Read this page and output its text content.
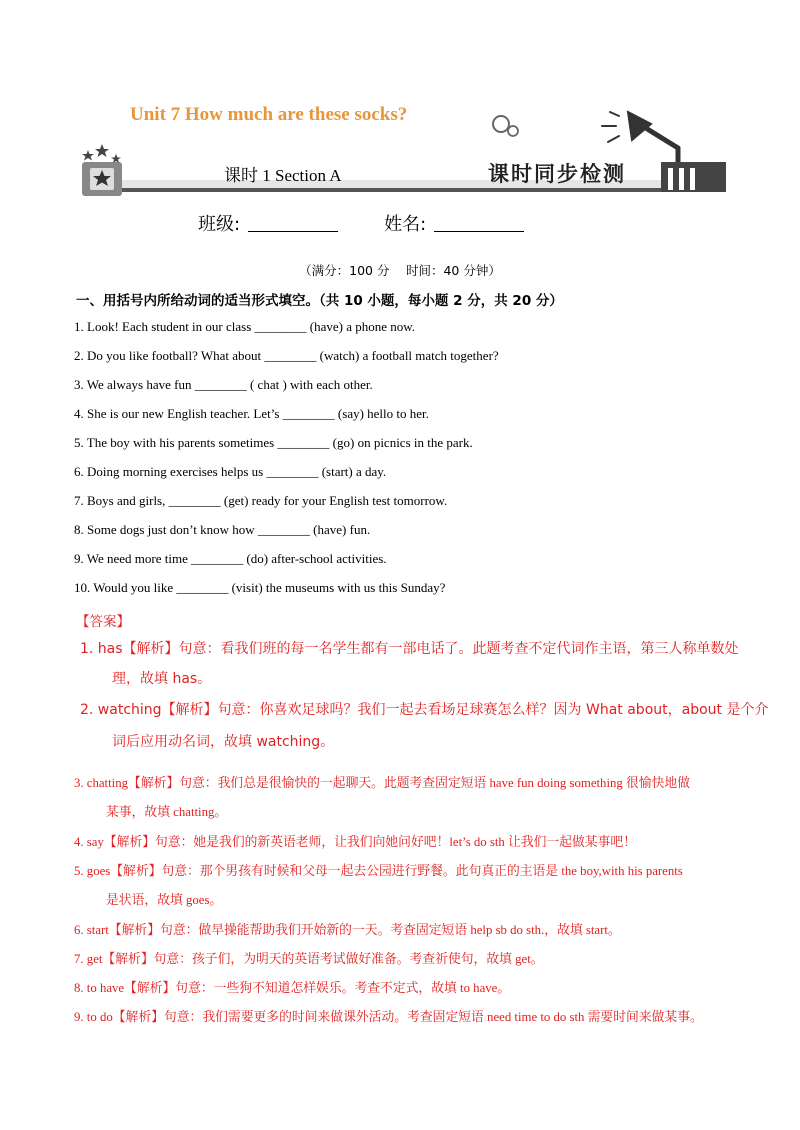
Unit 7 How much are these socks?
课时 1 Section A	课时同步检测
班级:	姓名:
（满分：100 分　 时间：40 分钟）
一、用括号内所给动词的适当形式填空。（共 10 小题，每小题 2 分，共 20 分）
1. Look! Each student in our class ________ (have) a phone now.
2. Do you like football? What about ________ (watch) a football match together?
3. We always have fun ________ ( chat ) with each other.
4. She is our new English teacher. Let’s ________ (say) hello to her.
5. The boy with his parents sometimes ________ (go) on picnics in the park.
6. Doing morning exercises helps us ________ (start) a day.
7. Boys and girls, ________ (get) ready for your English test tomorrow.
8. Some dogs just don’t know how ________ (have) fun.
9. We need more time ________ (do) after-school activities.
10. Would you like ________ (visit) the museums with us this Sunday?
【答案】
1. has【解析】句意：看我们班的每一名学生都有一部电话了。此题考查不定代词作主语，第三人称单数处
理，故填 has。
2. watching【解析】句意：你喜欢足球吗？我们一起去看场足球赛怎么样？因为 What about，about 是个介
词后应用动名词，故填 watching。
3. chatting【解析】句意：我们总是很愉快的一起聊天。此题考查固定短语 have fun doing something 很愉快地做
某事，故填 chatting。
4. say【解析】句意：她是我们的新英语老师，让我们向她问好吧！let’s do sth 让我们一起做某事吧！
5. goes【解析】句意：那个男孩有时候和父母一起去公园进行野餐。此句真正的主语是 the boy,with his parents
是状语，故填 goes。
6. start【解析】句意：做早操能帮助我们开始新的一天。考查固定短语 help sb do sth.，故填 start。
7. get【解析】句意：孩子们，为明天的英语考试做好准备。考查祈使句，故填 get。
8. to have【解析】句意：一些狗不知道怎样娱乐。考查不定式，故填 to have。
9. to do【解析】句意：我们需要更多的时间来做课外活动。考查固定短语 need time to do sth 需要时间来做某事。
